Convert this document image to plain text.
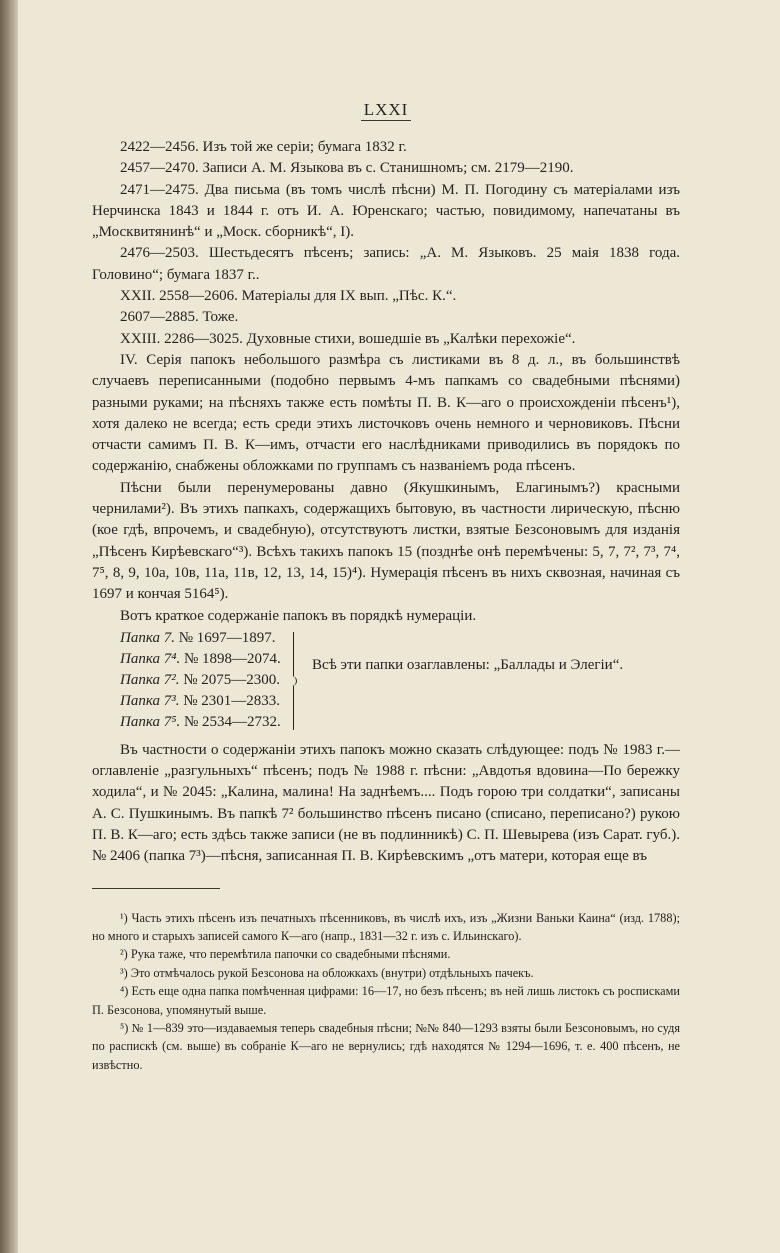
LXXI

2422—2456. Изъ той же серіи; бумага 1832 г.

2457—2470. Записи А. М. Языкова въ с. Станишномъ; см. 2179—2190.

2471—2475. Два письма (въ томъ числѣ пѣсни) М. П. Погодину съ матеріалами изъ Нерчинска 1843 и 1844 г. отъ И. А. Юренскаго; частью, повидимому, напечатаны въ „Москвитянинѣ“ и „Моск. сборникѣ“, I).

2476—2503. Шестьдесятъ пѣсенъ; запись: „А. М. Языковъ. 25 маія 1838 года. Головино“; бумага 1837 г..

XXII. 2558—2606. Матеріалы для IX вып. „Пѣс. К.“.

2607—2885. Тоже.

XXIII. 2286—3025. Духовные стихи, вошедшіе въ „Калѣки перехожіе“.

IV. Серія папокъ небольшого размѣра съ листиками въ 8 д. л., въ большинствѣ случаевъ переписанными (подобно первымъ 4-мъ папкамъ со свадебными пѣснями) разными руками; на пѣсняхъ также есть помѣты П. В. К—аго о происхожденіи пѣсенъ¹), хотя далеко не всегда; есть среди этихъ листочковъ очень немного и черновиковъ. Пѣсни отчасти самимъ П. В. К—имъ, отчасти его наслѣдниками приводились въ порядокъ по содержанію, снабжены обложками по группамъ съ названіемъ рода пѣсенъ.

Пѣсни были перенумерованы давно (Якушкинымъ, Елагинымъ?) красными чернилами²). Въ этихъ папкахъ, содержащихъ бытовую, въ частности лирическую, пѣсню (кое гдѣ, впрочемъ, и свадебную), отсутствуютъ листки, взятые Безсоновымъ для изданія „Пѣсенъ Кирѣевскаго“³). Всѣхъ такихъ папокъ 15 (позднѣе онѣ перемѣчены: 5, 7, 7², 7³, 7⁴, 7⁵, 8, 9, 10а, 10в, 11а, 11в, 12, 13, 14, 15)⁴). Нумерація пѣсенъ въ нихъ сквозная, начиная съ 1697 и кончая 5164⁵).

Вотъ краткое содержаніе папокъ въ порядкѣ нумераціи.

Папка 7. № 1697—1897.
Папка 7⁴. № 1898—2074.
Папка 7². № 2075—2300.
Папка 7³. № 2301—2833.
Папка 7⁵. № 2534—2732.
Всѣ эти папки озаглавлены: „Баллады и Элегіи“.

Въ частности о содержаніи этихъ папокъ можно сказать слѣдующее: подъ № 1983 г.—оглавленіе „разгульныхъ“ пѣсенъ; подъ № 1988 г. пѣсни: „Авдотья вдовина—По бережку ходила“, и № 2045: „Калина, малина! На заднѣемъ.... Подъ горою три солдатки“, записаны А. С. Пушкинымъ. Въ папкѣ 7² большинство пѣсенъ писано (списано, переписано?) рукою П. В. К—аго; есть здѣсь также записи (не въ подлинникѣ) С. П. Шевырева (изъ Сарат. губ.). № 2406 (папка 7³)—пѣсня, записанная П. В. Кирѣевскимъ „отъ матери, которая еще въ

¹) Часть этихъ пѣсенъ изъ печатныхъ пѣсенниковъ, въ числѣ ихъ, изъ „Жизни Ваньки Каина“ (изд. 1788); но много и старыхъ записей самого К—аго (напр., 1831—32 г. изъ с. Ильинскаго).

²) Рука таже, что перемѣтила папочки со свадебными пѣснями.

³) Это отмѣчалось рукой Безсонова на обложкахъ (внутри) отдѣльныхъ пачекъ.

⁴) Есть еще одна папка помѣченная цифрами: 16—17, но безъ пѣсенъ; въ ней лишь листокъ съ росписками П. Безсонова, упомянутый выше.

⁵) № 1—839 это—издаваемыя теперь свадебныя пѣсни; №№ 840—1293 взяты были Безсоновымъ, но судя по распискѣ (см. выше) въ собраніе К—аго не вернулись; гдѣ находятся № 1294—1696, т. е. 400 пѣсенъ, не извѣстно.
